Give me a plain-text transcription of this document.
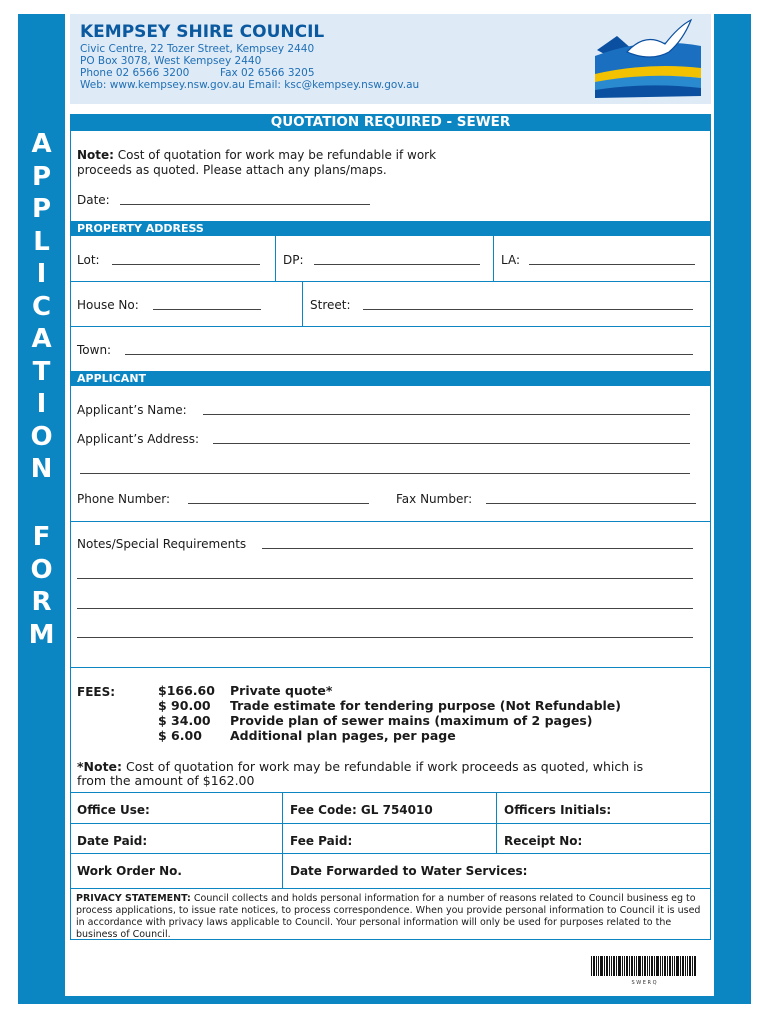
A
P
P
L
I
C
A
T
I
O
N
F
O
R
M
KEMPSEY SHIRE COUNCIL
Civic Centre, 22 Tozer Street, Kempsey 2440
PO Box 3078, West Kempsey 2440
Phone 02 6566 3200	Fax 02 6566 3205
Web: www.kempsey.nsw.gov.au Email: ksc@kempsey.nsw.gov.au
QUOTATION REQUIRED - SEWER
Note: Cost of quotation for work may be refundable if work
proceeds as quoted. Please attach any plans/maps.
Date:
PROPERTY ADDRESS
Lot:	DP:	LA:
House No:	Street:
Town:
APPLICANT
Applicant’s Name:
Applicant’s Address:
Phone Number:	Fax Number:
Notes/Special Requirements
FEES:	$166.60 Private quote*
$ 90.00 Trade estimate for tendering purpose (Not Refundable)
$ 34.00 Provide plan of sewer mains (maximum of 2 pages)
$ 6.00 Additional plan pages, per page
*Note: Cost of quotation for work may be refundable if work proceeds as quoted, which is
from the amount of $162.00
Office Use:	Fee Code: GL 754010	Officers Initials:
Date Paid:	Fee Paid:	Receipt No:
Work Order No.	Date Forwarded to Water Services:
PRIVACY STATEMENT: Council collects and holds personal information for a number of reasons related to Council business eg to process applications, to issue rate notices, to process correspondence. When you provide personal information to Council it is used in accordance with privacy laws applicable to Council. Your personal information will only be used for purposes related to the business of Council.
S W E R Q
